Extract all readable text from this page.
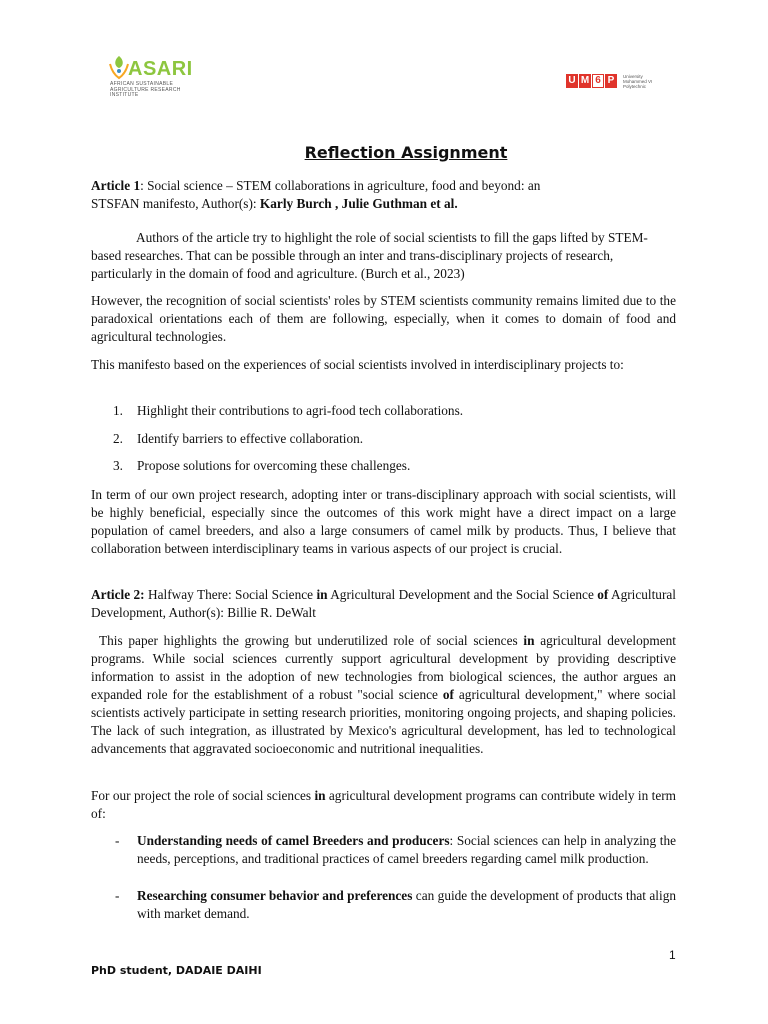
ASARI
AFRICAN SUSTAINABLE
AGRICULTURE RESEARCH
INSTITUTE
U M 6 P	University
Mohammed VI
Polytechnic
Reflection Assignment
Article 1: Social science – STEM collaborations in agriculture, food and beyond: an
STSFAN manifesto, Author(s): Karly Burch , Julie Guthman et al.
Authors of the article try to highlight the role of social scientists to fill the gaps lifted by STEM-based researches. That can be possible through an inter and trans-disciplinary projects of research, particularly in the domain of food and agriculture. (Burch et al., 2023)
However, the recognition of social scientists' roles by STEM scientists community remains limited due to the paradoxical orientations each of them are following, especially, when it comes to domain of food and agricultural technologies.
This manifesto based on the experiences of social scientists involved in interdisciplinary projects to:
1. Highlight their contributions to agri-food tech collaborations.
2. Identify barriers to effective collaboration.
3. Propose solutions for overcoming these challenges.
In term of our own project research, adopting inter or trans-disciplinary approach with social scientists, will be highly beneficial, especially since the outcomes of this work might have a direct impact on a large population of camel breeders, and also a large consumers of camel milk by products. Thus, I believe that collaboration between interdisciplinary teams in various aspects of our project is crucial.
Article 2: Halfway There: Social Science in Agricultural Development and the Social Science of Agricultural Development, Author(s): Billie R. DeWalt
This paper highlights the growing but underutilized role of social sciences in agricultural development programs. While social sciences currently support agricultural development by providing descriptive information to assist in the adoption of new technologies from biological sciences, the author argues an expanded role for the establishment of a robust "social science of agricultural development," where social scientists actively participate in setting research priorities, monitoring ongoing projects, and shaping policies. The lack of such integration, as illustrated by Mexico's agricultural development, has led to technological advancements that aggravated socioeconomic and nutritional inequalities.
For our project the role of social sciences in agricultural development programs can contribute widely in term of:
- Understanding needs of camel Breeders and producers: Social sciences can help in analyzing the needs, perceptions, and traditional practices of camel breeders regarding camel milk production.
- Researching consumer behavior and preferences can guide the development of products that align with market demand.
1
PhD student, DADAIE DAIHI
